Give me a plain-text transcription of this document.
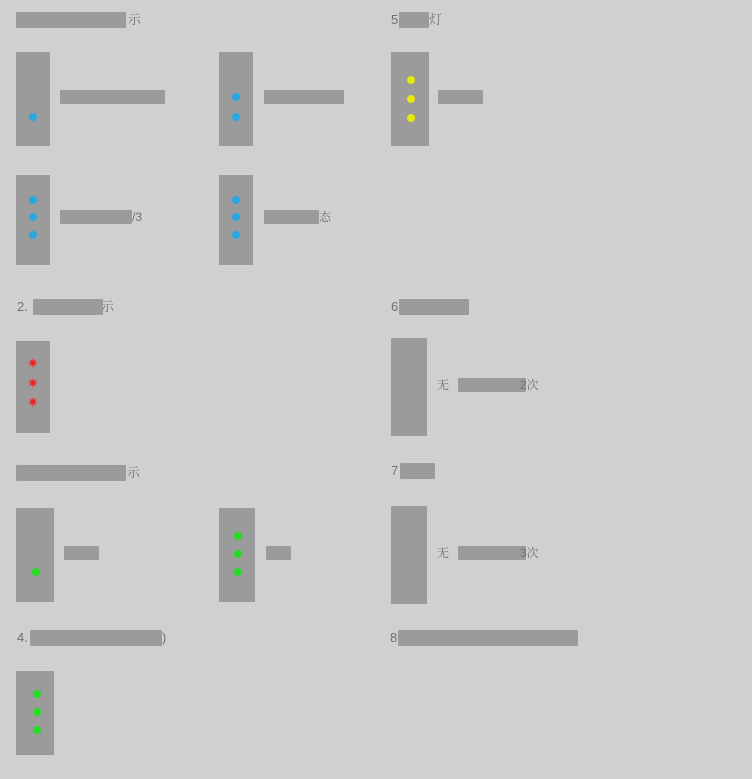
示
/3	态
2.	示
✷
✷
✷
示
4.	)
5 灯
6
无	2次
7
无	3次
8
